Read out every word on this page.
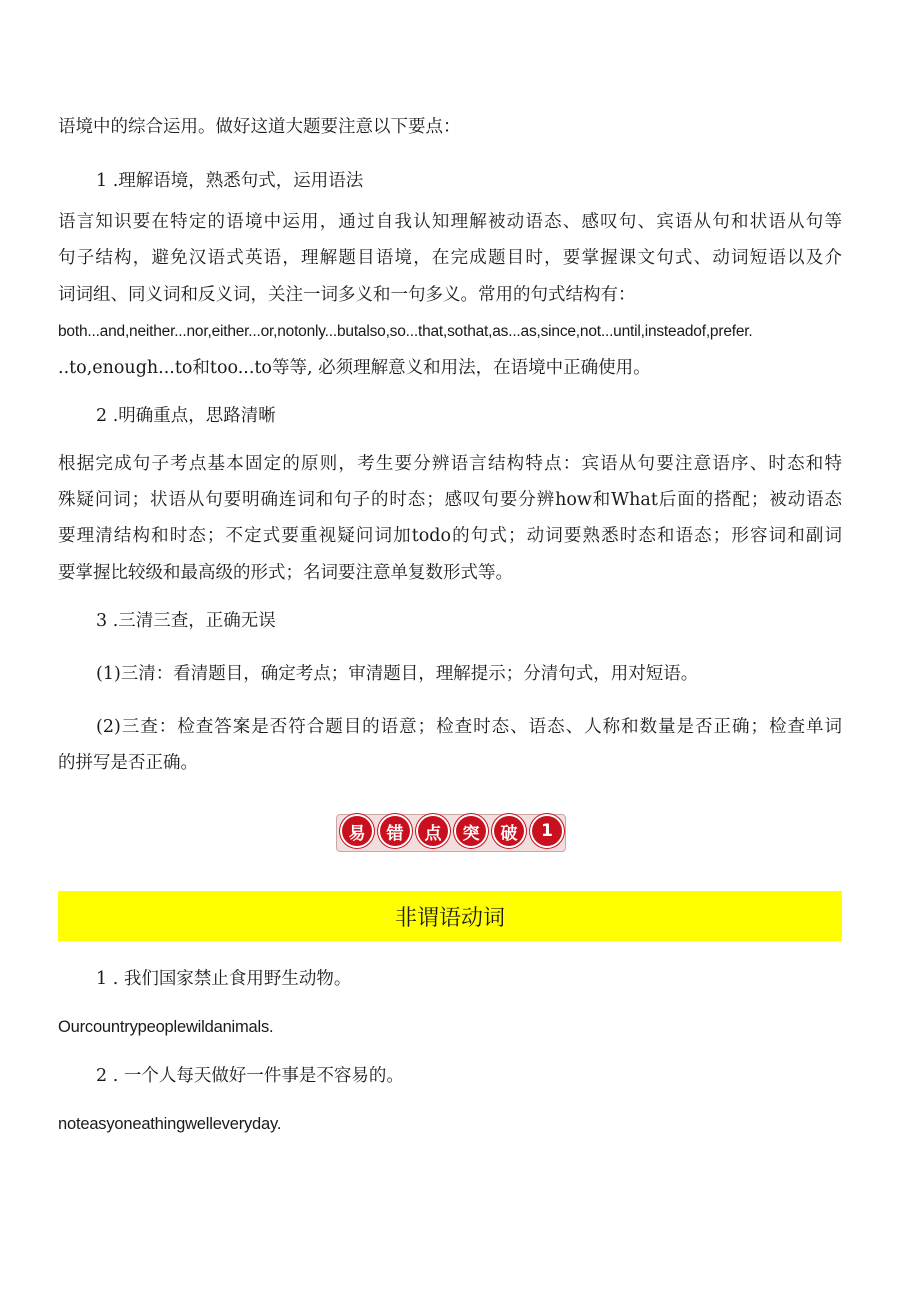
语境中的综合运用。做好这道大题要注意以下要点：
1 .理解语境，熟悉句式，运用语法
语言知识要在特定的语境中运用，通过自我认知理解被动语态、感叹句、宾语从句和状语从句等
句子结构，避免汉语式英语，理解题目语境，在完成题目时，要掌握课文句式、动词短语以及介
词词组、同义词和反义词，关注一词多义和一句多义。常用的句式结构有：
both...and,neither...nor,either...or,notonly...butalso,so...that,sothat,as...as,since,not...until,insteadof,prefer.
..to,enough...to和too...to等等, 必须理解意义和用法，在语境中正确使用。
2 .明确重点，思路清晰
根据完成句子考点基本固定的原则，考生要分辨语言结构特点：宾语从句要注意语序、时态和特
殊疑问词；状语从句要明确连词和句子的时态；感叹句要分辨how和What后面的搭配；被动语态
要理清结构和时态；不定式要重视疑问词加todo的句式；动词要熟悉时态和语态；形容词和副词
要掌握比较级和最高级的形式；名词要注意单复数形式等。
3 .三清三查，正确无误
(1)三清：看清题目，确定考点；审清题目，理解提示；分清句式，用对短语。
(2)三查：检查答案是否符合题目的语意；检查时态、语态、人称和数量是否正确；检查单词
的拼写是否正确。
易	错	点	突	破	1
非谓语动词
1 . 我们国家禁止食用野生动物。
Ourcountrypeoplewildanimals.
2 . 一个人每天做好一件事是不容易的。
noteasyoneathingwelleveryday.
